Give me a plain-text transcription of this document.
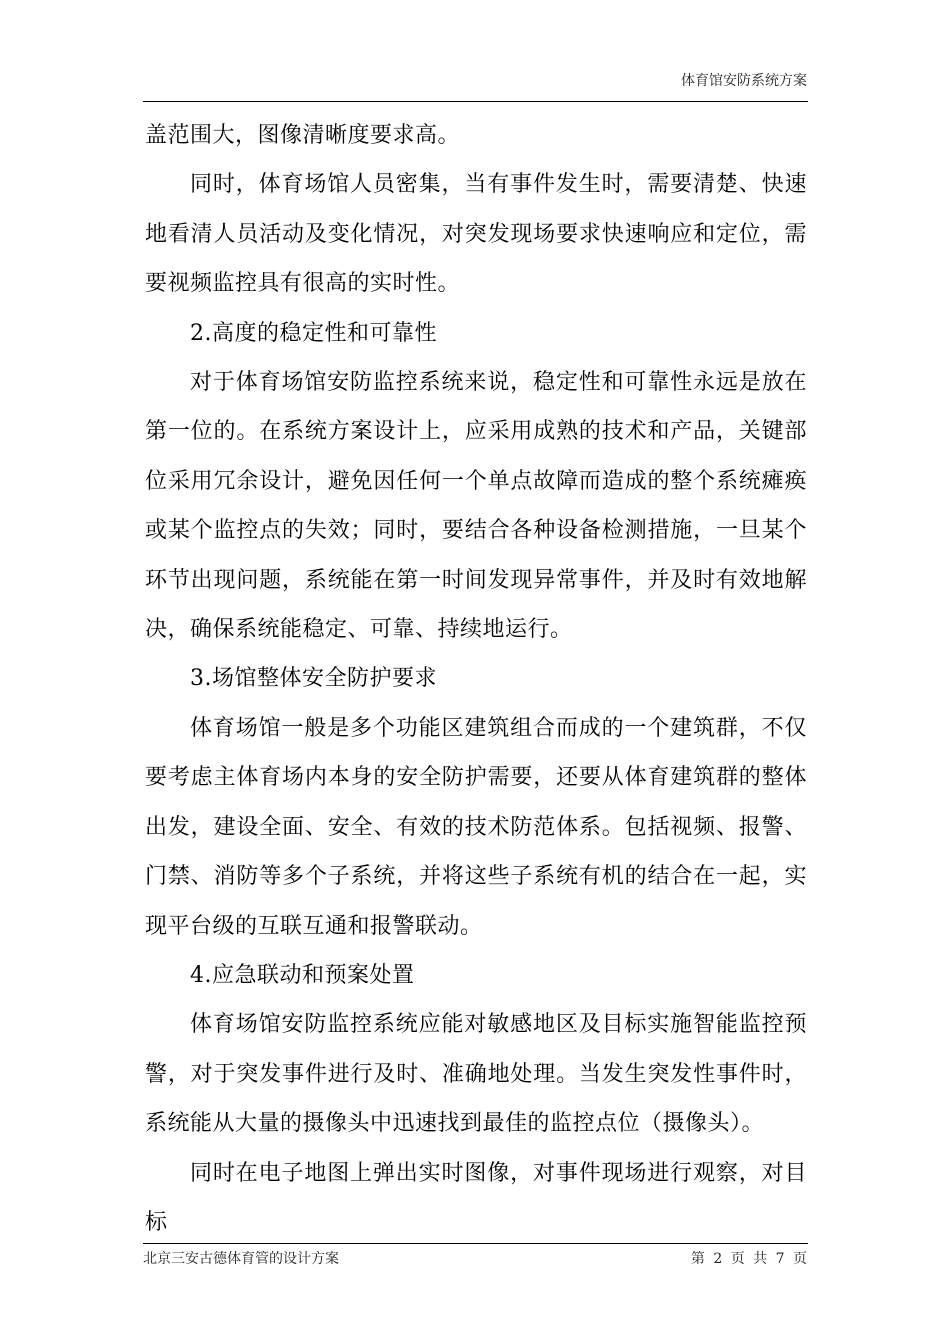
体育馆安防系统方案

盖范围大，图像清晰度要求高。

同时，体育场馆人员密集，当有事件发生时，需要清楚、快速地看清人员活动及变化情况，对突发现场要求快速响应和定位，需要视频监控具有很高的实时性。

2.高度的稳定性和可靠性

对于体育场馆安防监控系统来说，稳定性和可靠性永远是放在第一位的。在系统方案设计上，应采用成熟的技术和产品，关键部位采用冗余设计，避免因任何一个单点故障而造成的整个系统瘫痪或某个监控点的失效；同时，要结合各种设备检测措施，一旦某个环节出现问题，系统能在第一时间发现异常事件，并及时有效地解决，确保系统能稳定、可靠、持续地运行。

3.场馆整体安全防护要求

体育场馆一般是多个功能区建筑组合而成的一个建筑群，不仅要考虑主体育场内本身的安全防护需要，还要从体育建筑群的整体出发，建设全面、安全、有效的技术防范体系。包括视频、报警、门禁、消防等多个子系统，并将这些子系统有机的结合在一起，实现平台级的互联互通和报警联动。

4.应急联动和预案处置

体育场馆安防监控系统应能对敏感地区及目标实施智能监控预警，对于突发事件进行及时、准确地处理。当发生突发性事件时，系统能从大量的摄像头中迅速找到最佳的监控点位（摄像头）。

同时在电子地图上弹出实时图像，对事件现场进行观察，对目标

北京三安古德体育管的设计方案	第 2 页 共 7 页
